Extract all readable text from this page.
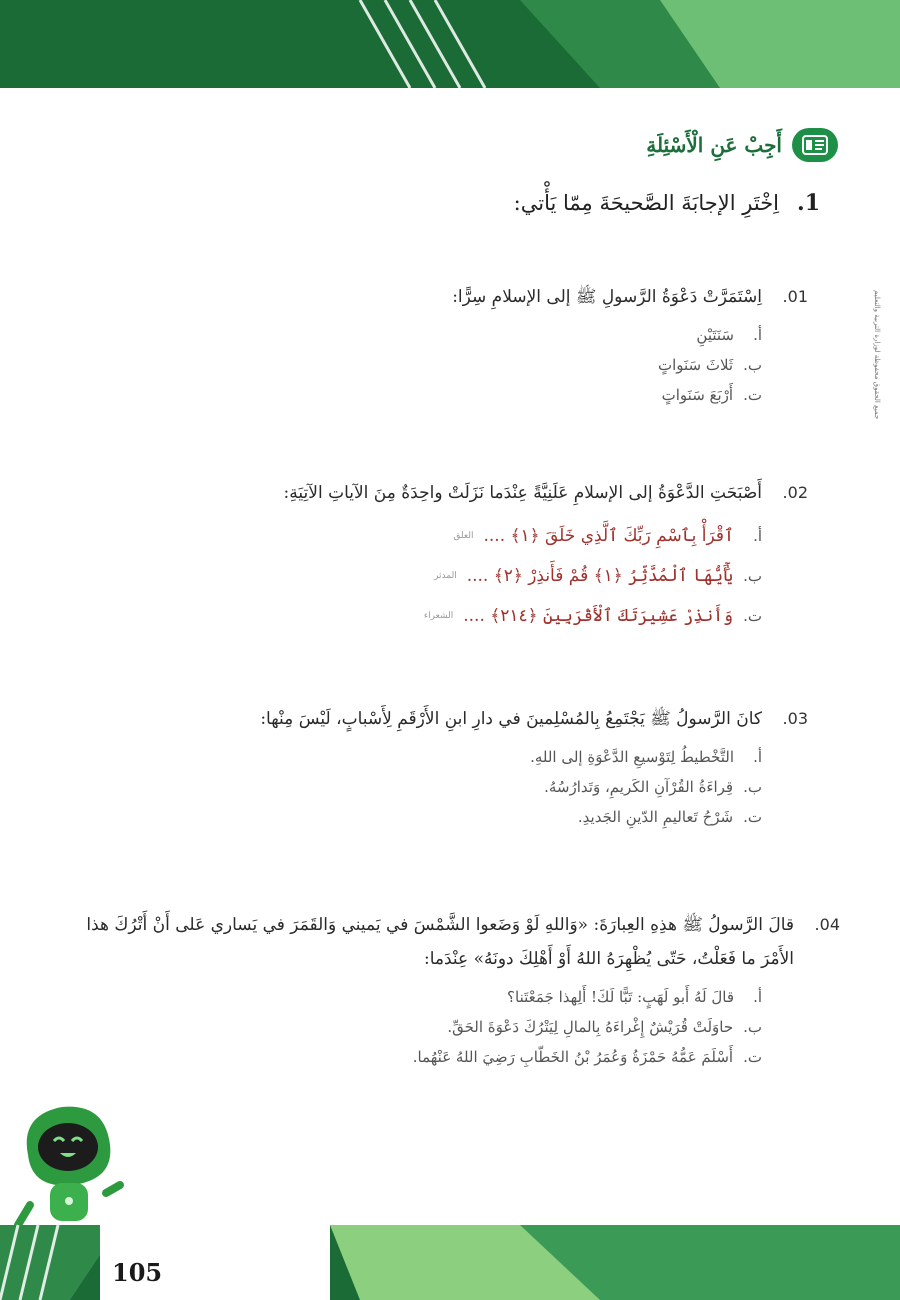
جميع الحقوق محفوظة لوزارة التربية والتعليم
أَجِبْ عَنِ الْأَسْئِلَةِ
1.
اِخْتَرِ الإجابَةَ الصَّحيحَةَ مِمّا يَأْتي:
01.
اِسْتَمَرَّتْ دَعْوَةُ الرَّسولِ ﷺ إلى الإسلامِ سِرًّا:
أ.
سَنَتَيْنِ
ب.
ثَلاثَ سَنَواتٍ
ت.
أَرْبَعَ سَنَواتٍ
02.
أَصْبَحَتِ الدَّعْوَةُ إلى الإسلامِ عَلَنِيَّةً عِنْدَما نَزَلَتْ واحِدَةٌ مِنَ الآياتِ الآتِيَةِ:
أ.
ٱقْرَأْ بِٱسْمِ رَبِّكَ ٱلَّذِي خَلَقَ ﴿١﴾ ....
العلق
ب.
يَٰٓأَيُّهَا ٱلْمُدَّثِّرُ ﴿١﴾ قُمْ فَأَنذِرْ ﴿٢﴾ ....
المدثر
ت.
وَأَنذِرْ عَشِيرَتَكَ ٱلْأَقْرَبِينَ ﴿٢١٤﴾ ....
الشعراء
03.
كانَ الرَّسولُ ﷺ يَجْتَمِعُ بِالمُسْلِمينَ في دارِ ابنِ الأَرْقَمِ لِأَسْبابٍ، لَيْسَ مِنْها:
أ.
التَّخْطيطُ لِتَوْسيعِ الدَّعْوَةِ إلى اللهِ.
ب.
قِراءَةُ القُرْآنِ الكَريمِ، وَتَدارُسُهُ.
ت.
شَرْحُ تَعاليمِ الدّينِ الجَديدِ.
04.
قالَ الرَّسولُ ﷺ هذِهِ العِبارَةَ: «وَاللهِ لَوْ وَضَعوا الشَّمْسَ في يَميني وَالقَمَرَ في يَساري عَلى أَنْ أَتْرُكَ هذا الأَمْرَ ما فَعَلْتُ، حَتّى يُظْهِرَهُ اللهُ أَوْ أَهْلِكَ دونَهُ» عِنْدَما:
أ.
قالَ لَهُ أَبو لَهَبٍ: تَبًّا لَكَ! أَلِهذا جَمَعْتَنا؟
ب.
حاوَلَتْ قُرَيْشٌ إِغْراءَهُ بِالمالِ لِيَتْرُكَ دَعْوَةَ الحَقِّ.
ت.
أَسْلَمَ عَمُّهُ حَمْزَةُ وَعُمَرُ بْنُ الخَطّابِ رَضِيَ اللهُ عَنْهُما.
105
